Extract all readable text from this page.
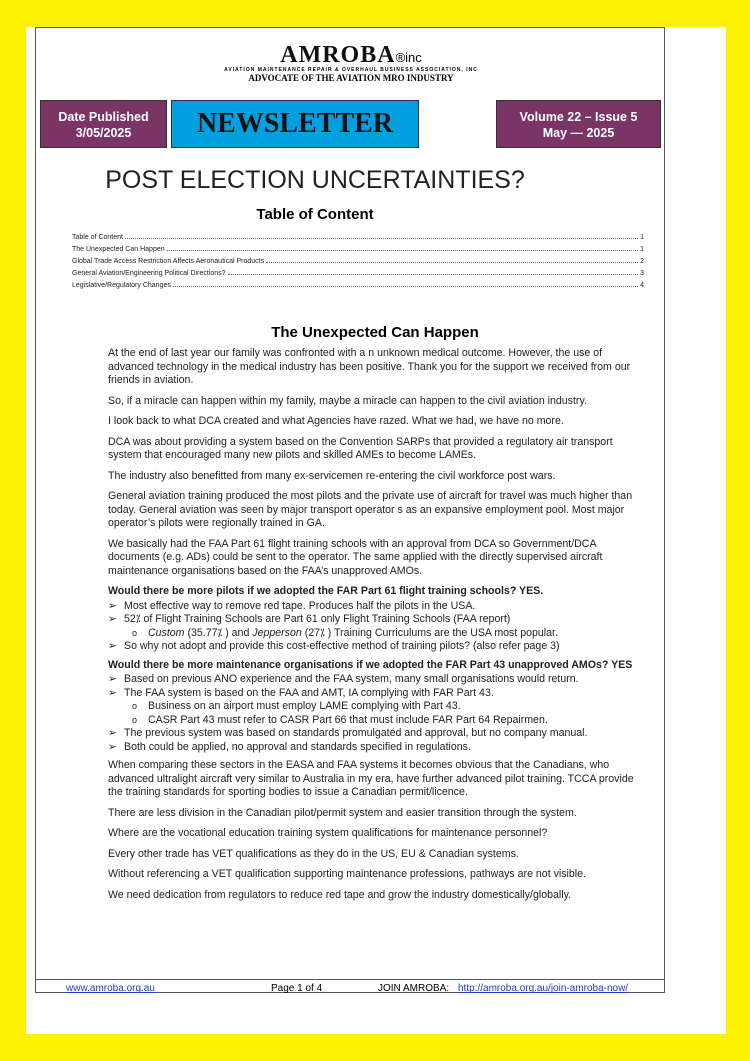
AMROBA®inc
AVIATION MAINTENANCE REPAIR & OVERHAUL BUSINESS ASSOCIATION, INC
ADVOCATE OF THE AVIATION MRO INDUSTRY
Date Published
3/05/2025	NEWSLETTER	Volume 22 – Issue 5
May — 2025
POST ELECTION UNCERTAINTIES?
Table of Content
Table of Content	1
The Unexpected Can Happen	1
Global Trade Access Restriction Affects Aeronautical Products	2
General Aviation/Engineering Political Directions?	3
Legislative/Regulatory Changes	4
The Unexpected Can Happen

At the end of last year our family was confronted with a n unknown medical outcome. However, the use of advanced technology in the medical industry has been positive. Thank you for the support we received from our friends in aviation.

So, if a miracle can happen within my family, maybe a miracle can happen to the civil aviation industry.

I look back to what DCA created and what Agencies have razed. What we had, we have no more.

DCA was about providing a system based on the Convention SARPs that provided a regulatory air transport system that encouraged many new pilots and skilled AMEs to become LAMEs.

The industry also benefitted from many ex-servicemen re-entering the civil workforce post wars.

General aviation training produced the most pilots and the private use of aircraft for travel was much higher than today. General aviation was seen by major transport operator s as an expansive employment pool. Most major operator’s pilots were regionally trained in GA.

We basically had the FAA Part 61 flight training schools with an approval from DCA so Government/DCA documents (e.g. ADs) could be sent to the operator. The same applied with the directly supervised aircraft maintenance organisations based on the FAA’s unapproved AMOs.

Would there be more pilots if we adopted the FAR Part 61 flight training schools? YES.
➢ Most effective way to remove red tape. Produces half the pilots in the USA.
➢ 52⁒ of Flight Training Schools are Part 61 only Flight Training Schools (FAA report)
o Custom (35.77⁒ ) and Jepperson (27⁒ ) Training Curriculums are the USA most popular.
➢ So why not adopt and provide this cost-effective method of training pilots? (also refer page 3)
Would there be more maintenance organisations if we adopted the FAR Part 43 unapproved AMOs? YES
➢ Based on previous ANO experience and the FAA system, many small organisations would return.
➢ The FAA system is based on the FAA and AMT, IA complying with FAR Part 43.
o Business on an airport must employ LAME complying with Part 43.
o CASR Part 43 must refer to CASR Part 66 that must include FAR Part 64 Repairmen.
➢ The previous system was based on standards promulgated and approval, but no company manual.
➢ Both could be applied, no approval and standards specified in regulations.

When comparing these sectors in the EASA and FAA systems it becomes obvious that the Canadians, who advanced ultralight aircraft very similar to Australia in my era, have further advanced pilot training. TCCA provide the training standards for sporting bodies to issue a Canadian permit/licence.

There are less division in the Canadian pilot/permit system and easier transition through the system.

Where are the vocational education training system qualifications for maintenance personnel?

Every other trade has VET qualifications as they do in the US, EU & Canadian systems.

Without referencing a VET qualification supporting maintenance professions, pathways are not visible.

We need dedication from regulators to reduce red tape and grow the industry domestically/globally.

www.amroba.org.au	Page 1 of 4	JOIN AMROBA: http://amroba.org.au/join-amroba-now/
